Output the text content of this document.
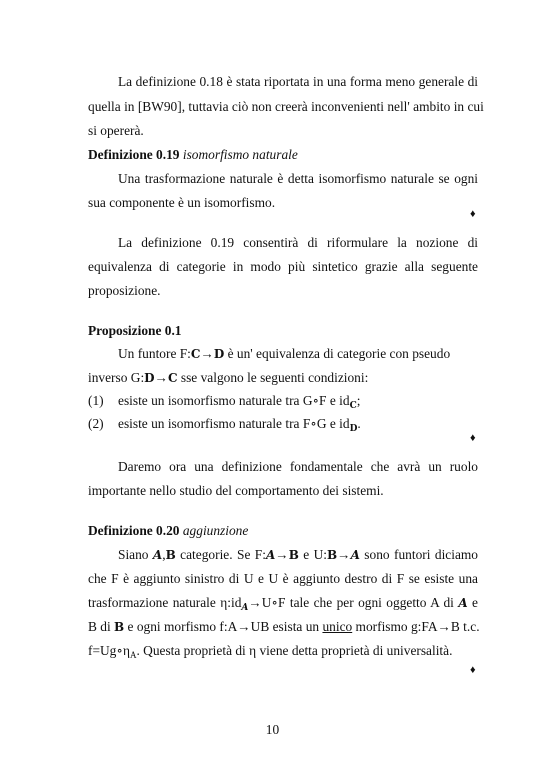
La definizione 0.18 è stata riportata in una forma meno generale di
quella in [BW90], tuttavia ciò non creerà inconvenienti nell' ambito in cui
si opererà.
Definizione 0.19 isomorfismo naturale
Una trasformazione naturale è detta isomorfismo naturale se ogni
sua componente è un isomorfismo.
♦
La definizione 0.19 consentirà di riformulare la nozione di
equivalenza di categorie in modo più sintetico grazie alla seguente
proposizione.
Proposizione 0.1
Un funtore F:C→D è un' equivalenza di categorie con pseudo
inverso G:D→C sse valgono le seguenti condizioni:
(1) esiste un isomorfismo naturale tra G∘F e $id_C$;
(2) esiste un isomorfismo naturale tra F∘G e $id_D$.
♦
Daremo ora una definizione fondamentale che avrà un ruolo
importante nello studio del comportamento dei sistemi.
Definizione 0.20 aggiunzione
Siano A,B categorie. Se F:A→B e U:B→A sono funtori diciamo
che F è aggiunto sinistro di U e U è aggiunto destro di F se esiste una
trasformazione naturale $\eta:id_A\to U\circ F$ tale che per ogni oggetto A di A e
B di B e ogni morfismo f:A→UB esista un unico morfismo g:FA→B t.c.
$f=Ug\circ\eta_A$. Questa proprietà di η viene detta proprietà di universalità.
♦
10
